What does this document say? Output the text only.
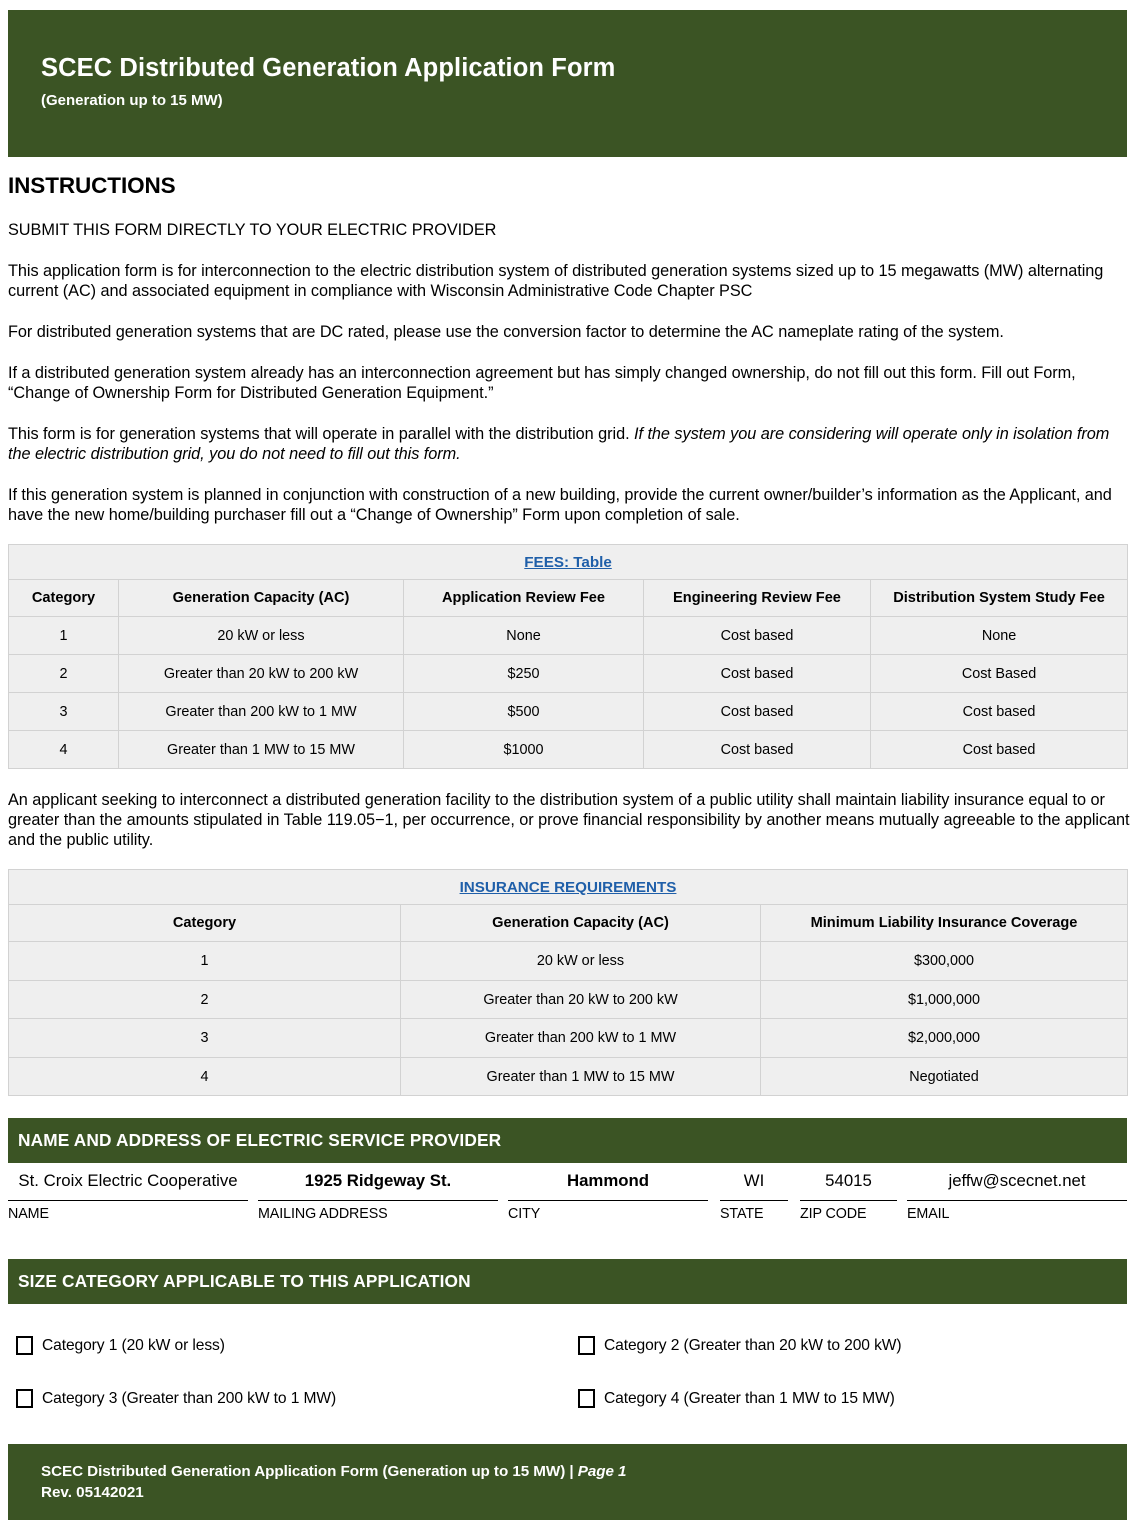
SCEC Distributed Generation Application Form
(Generation up to 15 MW)
INSTRUCTIONS

SUBMIT THIS FORM DIRECTLY TO YOUR ELECTRIC PROVIDER

This application form is for interconnection to the electric distribution system of distributed generation systems sized up to 15 megawatts (MW) alternating current (AC) and associated equipment in compliance with Wisconsin Administrative Code Chapter PSC

For distributed generation systems that are DC rated, please use the conversion factor to determine the AC nameplate rating of the system.

If a distributed generation system already has an interconnection agreement but has simply changed ownership, do not fill out this form. Fill out Form, “Change of Ownership Form for Distributed Generation Equipment.”

This form is for generation systems that will operate in parallel with the distribution grid. If the system you are considering will operate only in isolation from the electric distribution grid, you do not need to fill out this form.

If this generation system is planned in conjunction with construction of a new building, provide the current owner/builder’s information as the Applicant, and have the new home/building purchaser fill out a “Change of Ownership” Form upon completion of sale.

FEES: Table				
Category	Generation Capacity (AC)	Application Review Fee	Engineering Review Fee	Distribution System Study Fee
1	20 kW or less	None	Cost based	None
2	Greater than 20 kW to 200 kW	$250	Cost based	Cost Based
3	Greater than 200 kW to 1 MW	$500	Cost based	Cost based
4	Greater than 1 MW to 15 MW	$1000	Cost based	Cost based

An applicant seeking to interconnect a distributed generation facility to the distribution system of a public utility shall maintain liability insurance equal to or greater than the amounts stipulated in Table 119.05−1, per occurrence, or prove financial responsibility by another means mutually agreeable to the applicant and the public utility.

INSURANCE REQUIREMENTS		
Category	Generation Capacity (AC)	Minimum Liability Insurance Coverage
1	20 kW or less	$300,000
2	Greater than 20 kW to 200 kW	$1,000,000
3	Greater than 200 kW to 1 MW	$2,000,000
4	Greater than 1 MW to 15 MW	Negotiated
NAME AND ADDRESS OF ELECTRIC SERVICE PROVIDER
St. Croix Electric Cooperative
NAME
1925 Ridgeway St.
MAILING ADDRESS
Hammond
CITY
WI
STATE
54015
ZIP CODE
jeffw@scecnet.net
EMAIL
SIZE CATEGORY APPLICABLE TO THIS APPLICATION
Category 1 (20 kW or less)	Category 2 (Greater than 20 kW to 200 kW)
Category 3 (Greater than 200 kW to 1 MW)	Category 4 (Greater than 1 MW to 15 MW)
SCEC Distributed Generation Application Form (Generation up to 15 MW) | Page 1
Rev. 05142021
